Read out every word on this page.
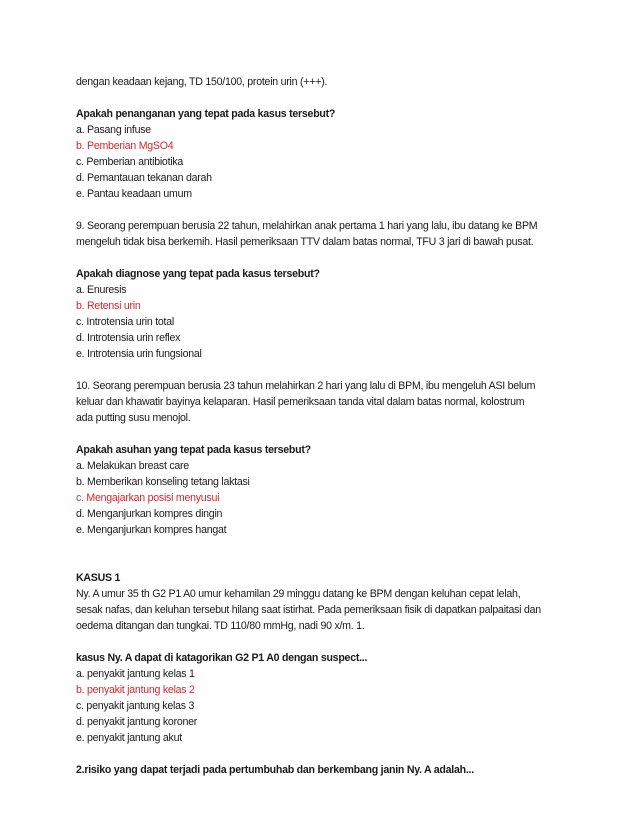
dengan keadaan kejang, TD 150/100, protein urin (+++).

Apakah penanganan yang tepat pada kasus tersebut?

a. Pasang infuse

b. Pemberian MgSO4

c. Pemberian antibiotika

d. Pemantauan tekanan darah

e. Pantau keadaan umum

9. Seorang perempuan berusia 22 tahun, melahirkan anak pertama 1 hari yang lalu, ibu datang ke BPM

mengeluh tidak bisa berkemih. Hasil pemeriksaan TTV dalam batas normal, TFU 3 jari di bawah pusat.

Apakah diagnose yang tepat pada kasus tersebut?

a. Enuresis

b. Retensi urin

c. Introtensia urin total

d. Introtensia urin reflex

e. Introtensia urin fungsional

10. Seorang perempuan berusia 23 tahun melahirkan 2 hari yang lalu di BPM, ibu mengeluh ASI belum

keluar dan khawatir bayinya kelaparan. Hasil pemeriksaan tanda vital dalam batas normal, kolostrum

ada putting susu menojol.

Apakah asuhan yang tepat pada kasus tersebut?

a. Melakukan breast care

b. Memberikan konseling tetang laktasi

c. Mengajarkan posisi menyusui

d. Menganjurkan kompres dingin

e. Menganjurkan kompres hangat

KASUS 1

Ny. A umur 35 th G2 P1 A0 umur kehamilan 29 minggu datang ke BPM dengan keluhan cepat lelah,

sesak nafas, dan keluhan tersebut hilang saat istirhat. Pada pemeriksaan fisik di dapatkan palpaitasi dan

oedema ditangan dan tungkai. TD 110/80 mmHg, nadi 90 x/m. 1.

kasus Ny. A dapat di katagorikan G2 P1 A0 dengan suspect...

a. penyakit jantung kelas 1

b. penyakit jantung kelas 2

c. penyakit jantung kelas 3

d. penyakit jantung koroner

e. penyakit jantung akut

2.risiko yang dapat terjadi pada pertumbuhab dan berkembang janin Ny. A adalah...
